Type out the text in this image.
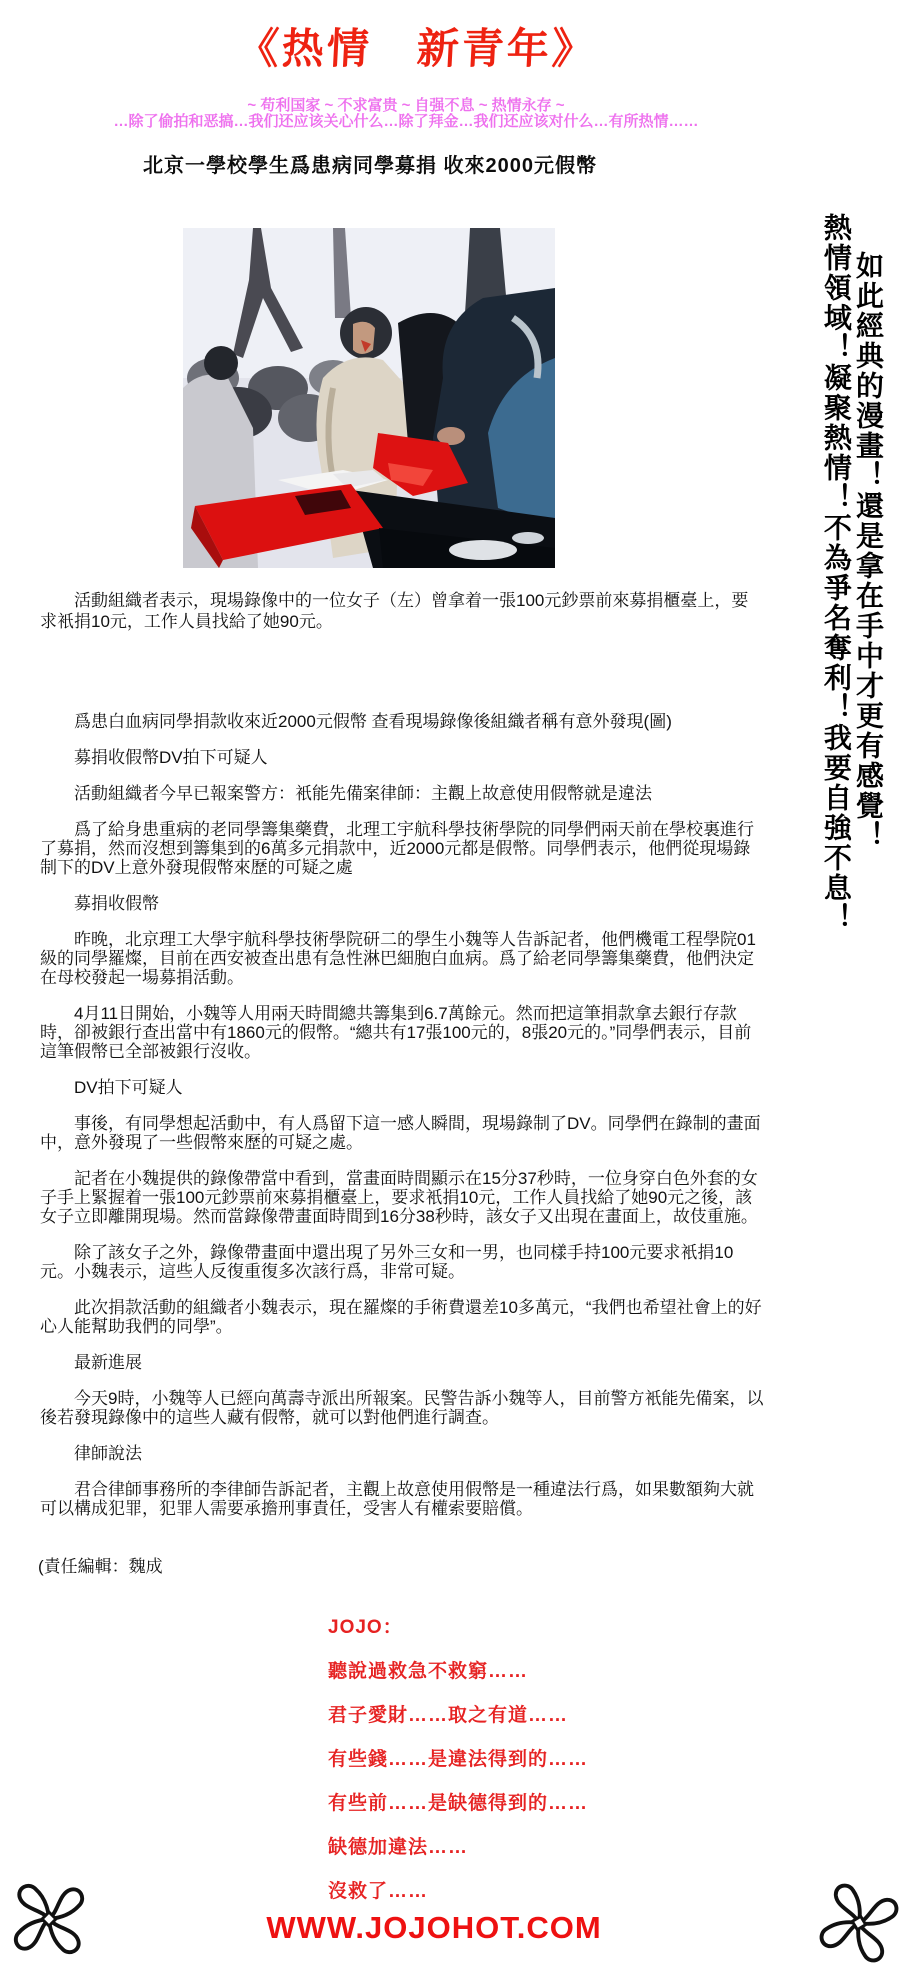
《热情　新青年》
~ 苟利国家 ~ 不求富贵 ~ 自强不息 ~ 热情永存 ~
…除了偷拍和恶搞…我们还应该关心什么…除了拜金…我们还应该对什么…有所热情……
北京一學校學生爲患病同學募捐 收來2000元假幣
活動組織者表示，現場錄像中的一位女子（左）曾拿着一張100元鈔票前來募捐櫃臺上，要求衹捐10元，工作人員找給了她90元。

爲患白血病同學捐款收來近2000元假幣 查看現場錄像後組織者稱有意外發現(圖)

募捐收假幣DV拍下可疑人

活動組織者今早已報案警方：衹能先備案律師：主觀上故意使用假幣就是違法

爲了給身患重病的老同學籌集藥費，北理工宇航科學技術學院的同學們兩天前在學校裏進行了募捐，然而沒想到籌集到的6萬多元捐款中，近2000元都是假幣。同學們表示，他們從現場錄制下的DV上意外發現假幣來歷的可疑之處

募捐收假幣

昨晚，北京理工大學宇航科學技術學院研二的學生小魏等人告訴記者，他們機電工程學院01級的同學羅燦，目前在西安被查出患有急性淋巴細胞白血病。爲了給老同學籌集藥費，他們決定在母校發起一場募捐活動。

4月11日開始，小魏等人用兩天時間總共籌集到6.7萬餘元。然而把這筆捐款拿去銀行存款時，卻被銀行查出當中有1860元的假幣。“總共有17張100元的，8張20元的。”同學們表示，目前這筆假幣已全部被銀行沒收。

DV拍下可疑人

事後，有同學想起活動中，有人爲留下這一感人瞬間，現場錄制了DV。同學們在錄制的畫面中，意外發現了一些假幣來歷的可疑之處。

記者在小魏提供的錄像帶當中看到，當畫面時間顯示在15分37秒時，一位身穿白色外套的女子手上緊握着一張100元鈔票前來募捐櫃臺上，要求衹捐10元，工作人員找給了她90元之後，該女子立即離開現場。然而當錄像帶畫面時間到16分38秒時，該女子又出現在畫面上，故伎重施。

除了該女子之外，錄像帶畫面中還出現了另外三女和一男，也同樣手持100元要求衹捐10元。小魏表示，這些人反復重復多次該行爲，非常可疑。

此次捐款活動的組織者小魏表示，現在羅燦的手術費還差10多萬元，“我們也希望社會上的好心人能幫助我們的同學”。

最新進展

今天9時，小魏等人已經向萬壽寺派出所報案。民警告訴小魏等人，目前警方衹能先備案，以後若發現錄像中的這些人藏有假幣，就可以對他們進行調查。

律師說法

君合律師事務所的李律師告訴記者，主觀上故意使用假幣是一種違法行爲，如果數額夠大就可以構成犯罪，犯罪人需要承擔刑事責任，受害人有權索要賠償。

(責任編輯：魏成
如此經典的漫畫！還是拿在手中才更有感覺！
熱情領域！凝聚熱情！不為爭名奪利！我要自強不息！
JOJO：
聽說過救急不救窮……
君子愛財……取之有道……
有些錢……是違法得到的……
有些前……是缺德得到的……
缺德加違法……
沒救了……
WWW.JOJOHOT.COM
